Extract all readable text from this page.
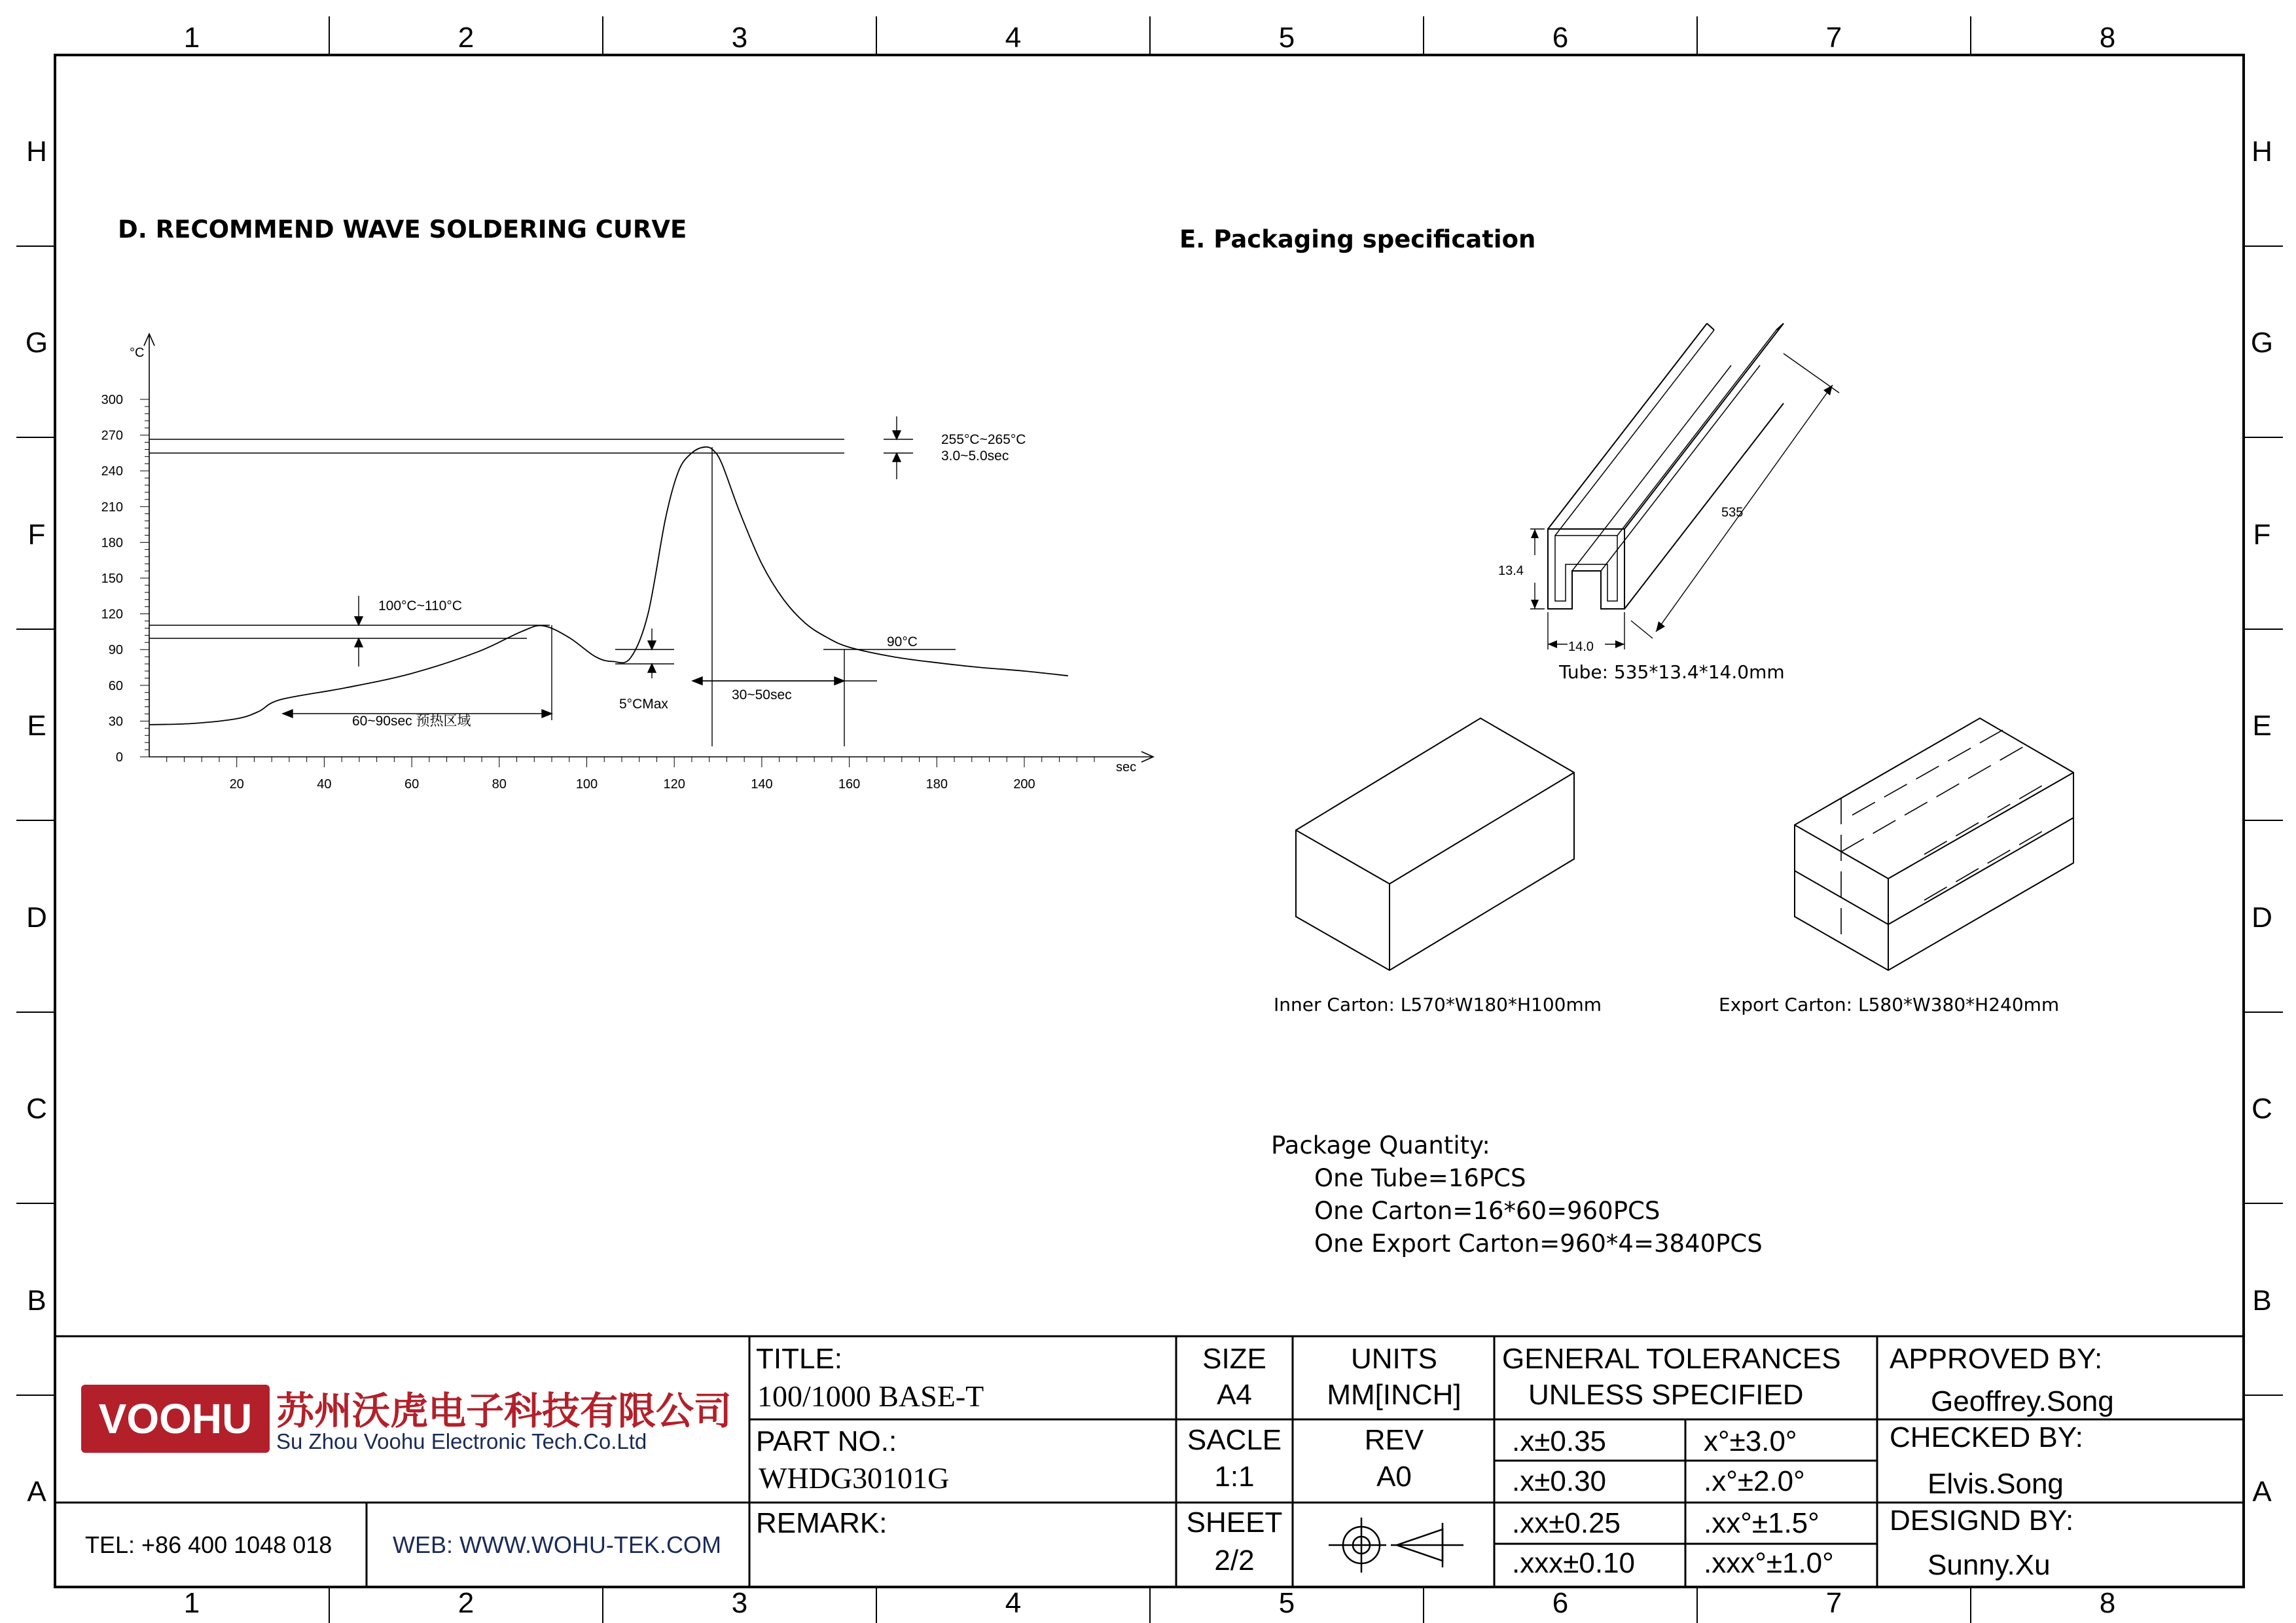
1	2	3	4	5	6	7	8
1	2	3	4	5	6	7	8
H
G
F
E
D
C
B
A
H
G
F
E
D
C
B
A
D. RECOMMEND WAVE SOLDERING CURVE
0
30
60
90
120
150
180
210
240
270
300
20	40	60	80	100	120	140	160	180	200
°C
sec
255°C~265°C
3.0~5.0sec
100°C~110°C
60~90sec 预热区域
5°CMax
30~50sec
90°C
E. Packaging specification
535
13.4
14.0
Tube: 535*13.4*14.0mm
Inner Carton: L570*W180*H100mm	Export Carton: L580*W380*H240mm
Package Quantity:
One Tube=16PCS
One Carton=16*60=960PCS
One Export Carton=960*4=3840PCS
VOOHU 苏州沃虎电子科技有限公司
Su Zhou Voohu Electronic Tech.Co.Ltd
TEL: +86 400 1048 018	WEB: WWW.WOHU-TEK.COM
TITLE:
100/1000 BASE-T
PART NO.:
WHDG30101G
REMARK:
SIZE
A4
UNITS
MM[INCH]
SACLE
1:1
REV
A0
SHEET
2/2
GENERAL TOLERANCES
UNLESS SPECIFIED
.x±0.35	x°±3.0°
.x±0.30	.x°±2.0°
.xx±0.25	.xx°±1.5°
.xxx±0.10 .xxx°±1.0°
APPROVED BY:
Geoffrey.Song
CHECKED BY:
Elvis.Song
DESIGND BY:
Sunny.Xu
